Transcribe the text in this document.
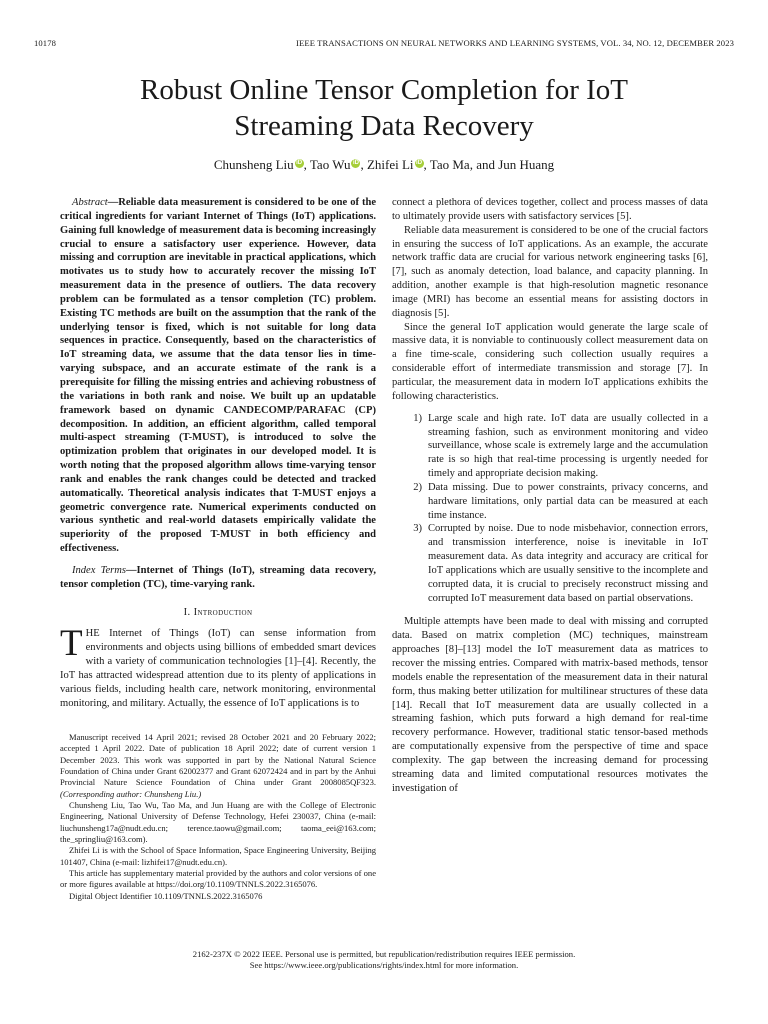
10178	IEEE TRANSACTIONS ON NEURAL NETWORKS AND LEARNING SYSTEMS, VOL. 34, NO. 12, DECEMBER 2023
Robust Online Tensor Completion for IoT
Streaming Data Recovery
Chunsheng Liu iD , Tao Wu iD , Zhifei Li iD , Tao Ma, and Jun Huang

Abstract—Reliable data measurement is considered to be one of the critical ingredients for variant Internet of Things (IoT) applications. Gaining full knowledge of measurement data is becoming increasingly crucial to ensure a satisfactory user experience. However, data missing and corruption are inevitable in practical applications, which motivates us to study how to accurately recover the missing IoT measurement data in the presence of outliers. The data recovery problem can be formulated as a tensor completion (TC) problem. Existing TC methods are built on the assumption that the rank of the underlying tensor is fixed, which is not suitable for long data sequences in practice. Consequently, based on the characteristics of IoT streaming data, we assume that the data tensor lies in time-varying subspace, and an accurate estimate of the rank is a prerequisite for filling the missing entries and achieving robustness of the variations in both rank and noise. We built up an updatable framework based on dynamic CANDECOMP/PARAFAC (CP) decomposition. In addition, an efficient algorithm, called temporal multi-aspect streaming (T-MUST), is introduced to solve the optimization problem that originates in our developed model. It is worth noting that the proposed algorithm allows time-varying tensor rank and enables the rank changes could be detected and tracked automatically. Theoretical analysis indicates that T-MUST enjoys a geometric convergence rate. Numerical experiments conducted on various synthetic and real-world datasets empirically validate the superiority of the proposed T-MUST in both efficiency and effectiveness.

Index Terms—Internet of Things (IoT), streaming data recovery, tensor completion (TC), time-varying rank.

I. Introduction

THE Internet of Things (IoT) can sense information from environments and objects using billions of embedded smart devices with a variety of communication technologies [1]–[4]. Recently, the IoT has attracted widespread attention due to its plenty of applications in various fields, including health care, network monitoring, environmental monitoring, and military. Actually, the essence of IoT applications is to

Manuscript received 14 April 2021; revised 28 October 2021 and 20 February 2022; accepted 1 April 2022. Date of publication 18 April 2022; date of current version 1 December 2023. This work was supported in part by the National Natural Science Foundation of China under Grant 62002377 and Grant 62072424 and in part by the Anhui Provincial Nature Science Foundation of China under Grant 2008085QF323. (Corresponding author: Chunsheng Liu.)

Chunsheng Liu, Tao Wu, Tao Ma, and Jun Huang are with the College of Electronic Engineering, National University of Defense Technology, Hefei 230037, China (e-mail: liuchunsheng17a@nudt.edu.cn; terence.taowu@gmail.com; taoma_eei@163.com; the_springliu@163.com).

Zhifei Li is with the School of Space Information, Space Engineering University, Beijing 101407, China (e-mail: lizhifei17@nudt.edu.cn).

This article has supplementary material provided by the authors and color versions of one or more figures available at https://doi.org/10.1109/TNNLS.2022.3165076.

Digital Object Identifier 10.1109/TNNLS.2022.3165076

connect a plethora of devices together, collect and process masses of data to ultimately provide users with satisfactory services [5].

Reliable data measurement is considered to be one of the crucial factors in ensuring the success of IoT applications. As an example, the accurate network traffic data are crucial for various network engineering tasks [6], [7], such as anomaly detection, load balance, and capacity planning. In addition, another example is that high-resolution magnetic resonance image (MRI) has become an essential means for assisting doctors in diagnosis [5].

Since the general IoT application would generate the large scale of massive data, it is nonviable to continuously collect measurement data on a fine time-scale, considering such collection usually requires a considerable effort of intermediate transmission and storage [7]. In particular, the measurement data in modern IoT applications exhibits the following characteristics.

1) Large scale and high rate. IoT data are usually collected in a streaming fashion, such as environment monitoring and video surveillance, whose scale is extremely large and the accumulation rate is so high that real-time processing is urgently needed for timely and appropriate decision making.
2) Data missing. Due to power constraints, privacy concerns, and hardware limitations, only partial data can be measured at each time instance.
3) Corrupted by noise. Due to node misbehavior, connection errors, and transmission interference, noise is inevitable in IoT measurement data. As data integrity and accuracy are critical for IoT applications which are usually sensitive to the incomplete and corrupted data, it is crucial to precisely reconstruct missing and corrupted IoT measurement data based on partial observations.

Multiple attempts have been made to deal with missing and corrupted data. Based on matrix completion (MC) techniques, mainstream approaches [8]–[13] model the IoT measurement data as matrices to recover the missing entries. Compared with matrix-based methods, tensor models enable the representation of the measurement data in their natural form, thus making better utilization for multilinear structures of these data [14]. Recall that IoT measurement data are usually collected in a streaming fashion, which puts forward a high demand for real-time recovery performance. However, traditional static tensor-based methods are computationally expensive from the perspective of time and space complexity. The gap between the increasing demand for processing streaming data and limited computational resources motivates the investigation of

2162-237X © 2022 IEEE. Personal use is permitted, but republication/redistribution requires IEEE permission.
See https://www.ieee.org/publications/rights/index.html for more information.
